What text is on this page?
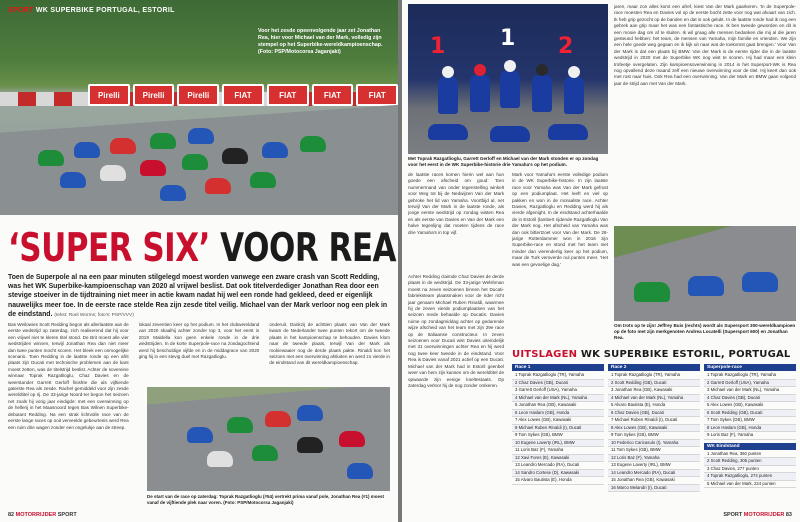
Pirelli	Pirelli	Pirelli	FIAT	FIAT	FIAT	FIAT
SPORT WK SUPERBIKE PORTUGAL, ESTORIL
Voor het zesde opeenvolgende jaar zet Jonathan Rea, hier voor Michael van der Mark, volledig zijn stempel op het Superbike-wereldkampioenschap. (Foto: PSP/Motocorsa Jaganjaki)
‘SUPER SIX’ VOOR REA
Toen de Superpole al na een paar minuten stilgelegd moest worden vanwege een zware crash van Scott Redding, was het WK Superbike-kampioenschap van 2020 al vrijwel beslist. Dat ook titelverdediger Jonathan Rea door een stevige stoeiver in de tijdtraining niet meer in actie kwam nadat hij wel een ronde had gekleed, deed er eigenlijk nauwelijks meer toe. In de eerste race stelde Rea zijn zesde titel veilig. Michael van der Mark verloor nog een plek in de eindstand. (tekst: Roel Worms; foto's: PSP/VVV)
Bas Weilowies Scott Redding begon als allerlaatste aan de eerste wedstrijd op zaterdag, zich realiserend dat hij voor een vrijwel niet te kleren titel stond. De Brit moest alle vier wedstrijden winnen, terwijl Jonathan Rea dan niet meer dan twee punten mocht scoren. Het bleek een onmogelijke scenario. Toen Redding in de laatste ronde op een afrit plaats zijn Ducati met technische problemen aan de kant moest zetten, was de titelstrijd beslist. Achter de sovereine winnaar Toprak Razgatlioglu, Chaz Davies en de weerstander Garrett Gerloff finishte die als vijftiende gaterste Rea als zesde. Rachel gemiddeld voor zijn zesde wereldtitel op rij. De 33-jarige Noord-Ier begon het seizoen net zoals hij vorig jaar eindigde: met een overwinning op de hellerij in het Maasnoord tegen Bas Wilnen Superbike-debutant Redding. Na een strak lichtvolle race van de eerste lange races op ooit verveelde gebeurtenis werd Rea een ruim drie wagen zonder een ongelukje aan de streep.
lokaal zeventien keer op het podium. In het clubwereldand van 2020 skaalhij achter zonder top 3, voor het eerst in 2019 Maldella kon geen enkele ronde in de drie wedstrijden. In de korte Superpole-race na zondagochtend werd hij beschuldige vijfde en in de middagrace van 2020 ging hij in een stevig duel met Razgatlioglu.
onderuit. Dankzij de achttien plaats van Van der Mark kwam de Nederlander twee punten tekort om de tweede plaats in het kampioenschap te behouden. Davies klom naar de tweede plaats, terwijl Van der Mark als rookiewaaier nog de derde plaats pakte. Rinaldi kon het seizoen met een overwinning afsluiten en werd zo vierde in de eindstand van dit wereldkampioenschap.
De start van de race op zaterdag: Toprak Razgatlioglu (#54) vertrekt prima vanaf pole, Jonathan Rea (#1) moest vanaf de vijftiende plek naar voren. (Foto: PSP/Motocorsa Jaganjaki)
82 MOTORRIJDER SPORT
1 1 2
Met Toprak Razgatlioglu, Garrett Gerloff en Michael van der Mark stonden er op zondag voor het eerst in de WK Superbike-historie drie Yamaha's op het podium.
de laatste races komen hierin wel aan hun goede een afscheid om goud: 'Een nummermand van onder tegenstelling winkelt voor Weg tot bij de Nedwijzen Van der Mark gebroke het lid van Yamaha. Voortbijd al, net terwijl Van der Mark in de laatste ronde, als jonge eerste wedstrijd op zondag wisten Rea en als eerste van Davies en Van der Mark een halve tegenlijng dat moeten tijdens de race drie Yamaha's in top vijf.
Achter Redding claimde Chaz Davies de derde plaats in de wedstrijd. De 33-jarige Welshman moest na zeven seizoenen binnen het Ducati-fabrieksteam plaatsmaken voor de rider richt jaar genaam Michael Ruben Rinaldi, waarmee hij de zeven vierde podiumplaatsen van het seizoen mede behaalde op Ducatis. Davies ruime op zondagmiddag achter op gedurende wijze afscheid van het team met zijn 29e race op de Italiaanse constructeur. In zeven seizoenen voor Ducati wist Davies uiteindelijk met 31 overwinningen achter Rea en hij werd nog twee keer tweede in de eindstand. Voor Rea is Davies vanaf 2021 actief op een Ducati. Michael van der Mark had in Estoril geenbel weer van hem zijn kansen om de wereldtitel de opwaarde zijn eenige koeltestaats. Op zaterdag verloor hij de nog zonder omkeren.
Mark voor Yamaha's eerste volledige podium in de WK Superbike-historie. In zijn laatste race voor Yamaha was Van der Mark gefrust op een podiumplaat. Het leeft en viel op pakken en won in de moraalste race. Achter Davies, Razgatlioglu en Redding werd hij als vierde afgenight. In de eindstand achterhaalde de in Estoril (lambert rijdende Razgatlioglu Van der Mark nog. Het afscheid van Yamaha was dan ook bittertzoet voor Van der Mark. De 28-jarige Rotterdammer won in 2016 zijn Superbike-race en stond met het team niet minder dan vierendertig keer op het podium, maar de Turk veroverde nul punten meer. 'Het was een gevoelige dag.'
jaren, maar zon alles komt een afref, kiest Van der Mark gaarkeren. 'In de Superpole-race moesten Rea en Davies vol op de eerste bocht zette voor nog wat afvaart van zich. Ik heb grip gezocht op de banden en dat is ook gelukt. In de laatste ronde had ik nog een gebrek aan grip maar het was een fantastische race. Ik ben tweede geworden en dit is een mooie dag om af te sluiten. Ik wil graag alle mensen bedanken die mij al die jaren gesteund hebben: het team, de mensen van Yamaha, mijn familie en vrienden. We zijn een hele goede weg gegaan en ik kijk uit naar wat de toekomst gaat brengen.' Voor Van der Mark is dat een plaats bij BMW. Van der Mark is de eerste rijder die in de laatste wedstrijd in 2020 met de Superbike WK nog wist te scoren. Hij had maar een klein trofeetje overgelaten. Zijn kampioensoverwinning in 2014 in het Superport-WK is Rea nog opvallend deze maand zelf een nieuwe overwinning voor de titel. Hij keert dan ook met rust naar huis. Ook Rea had een overwinning. Van der Mark en BMW gaan volgend jaar de strijd aan met Van der Mark.
Om trots op te zijn! Jeffrey Buis (rechts) wordt als Supersport 300-wereldkampioen op de foto met zijn merkgenoten Andrea Locatelli (Supersport 600) en Jonathan Rea.
UITSLAGEN WK SUPERBIKE ESTORIL, PORTUGAL
Race 1
1 Toprak Razgatlioglu (TR), Yamaha
2 Chaz Davies (GB), Ducati
3 Garrett Gerloff (USA), Yamaha
4 Michael van der Mark (NL), Yamaha
5 Jonathan Rea (GB), Kawasaki
6 Leon Haslam (GB), Honda
7 Alex Lowes (GB), Kawasaki
8 Michael Ruben Rinaldi (I), Ducati
9 Tom Sykes (GB), BMW
10 Eugene Laverty (IRL), BMW
11 Loris Baz (F), Yamaha
12 Xavi Fores (E), Kawasaki
13 Leandro Mercado (RA), Ducati
14 Sandro Cortese (D), Kawasaki
15 Alvaro Bautista (E), Honda
Race 2
1 Toprak Razgatlioglu (TR), Yamaha
2 Scott Redding (GB), Ducati
3 Jonathan Rea (GB), Kawasaki
4 Michael van der Mark (NL), Yamaha
5 Alvaro Bautista (E), Honda
6 Chaz Davies (GB), Ducati
7 Michael Ruben Rinaldi (I), Ducati
8 Alex Lowes (GB), Kawasaki
9 Tom Sykes (GB), BMW
10 Federico Caricasulo (I), Yamaha
11 Tom Sykes (GB), BMW
12 Loris Baz (F), Yamaha
13 Eugene Laverty (IRL), BMW
14 Leandro Mercado (RA), Ducati
15 Jonathan Rea (GB), Kawasaki
16 Marco Melandri (I), Ducati
Superpole-race
1 Toprak Razgatlioglu (TR), Yamaha
2 Garrett Gerloff (USA), Yamaha
3 Michael van der Mark (NL), Yamaha
4 Chaz Davies (GB), Ducati
5 Alex Lowes (GB), Kawasaki
6 Scott Redding (GB), Ducati
7 Tom Sykes (GB), BMW
8 Leon Haslam (GB), Honda
9 Loris Baz (F), Yamaha
WK Eindstand
1 Jonathan Rea, 360 punten
2 Scott Redding, 305 punten
3 Chaz Davies, 277 punten
4 Toprak Razgatlioglu, 274 punten
5 Michael van der Mark, 224 punten
SPORT MOTORRIJDER 83
